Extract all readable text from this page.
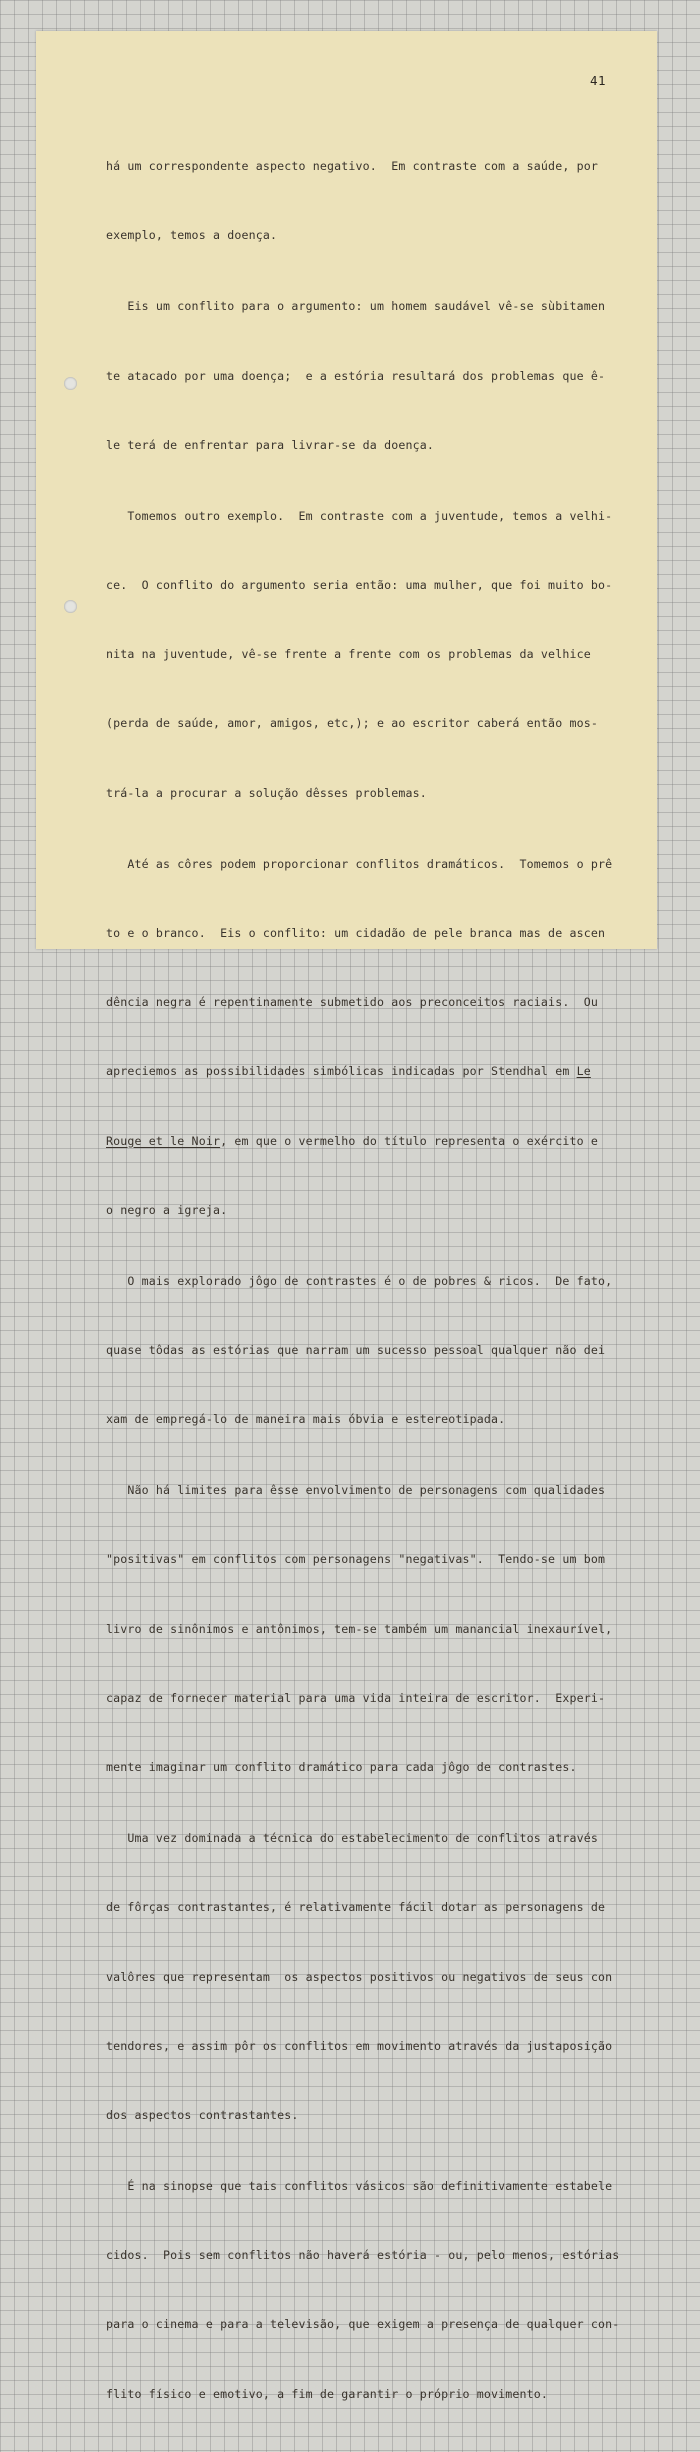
41

há um correspondente aspecto negativo.  Em contraste com a saúde, por

exemplo, temos a doença.

Eis um conflito para o argumento: um homem saudável vê-se sùbitamen

te atacado por uma doença;  e a estória resultará dos problemas que ê-

le terá de enfrentar para livrar-se da doença.

Tomemos outro exemplo.  Em contraste com a juventude, temos a velhi-

ce.  O conflito do argumento seria então: uma mulher, que foi muito bo-

nita na juventude, vê-se frente a frente com os problemas da velhice

(perda de saúde, amor, amigos, etc,); e ao escritor caberá então mos-

trá-la a procurar a solução dêsses problemas.

Até as côres podem proporcionar conflitos dramáticos.  Tomemos o prê

to e o branco.  Eis o conflito: um cidadão de pele branca mas de ascen

dência negra é repentinamente submetido aos preconceitos raciais.  Ou

apreciemos as possibilidades simbólicas indicadas por Stendhal em Le

Rouge et le Noir, em que o vermelho do título representa o exército e

o negro a igreja.

O mais explorado jôgo de contrastes é o de pobres & ricos.  De fato,

quase tôdas as estórias que narram um sucesso pessoal qualquer não dei

xam de empregá-lo de maneira mais óbvia e estereotipada.

Não há limites para êsse envolvimento de personagens com qualidades

"positivas" em conflitos com personagens "negativas".  Tendo-se um bom

livro de sinônimos e antônimos, tem-se também um manancial inexaurível,

capaz de fornecer material para uma vida inteira de escritor.  Experi-

mente imaginar um conflito dramático para cada jôgo de contrastes.

Uma vez dominada a técnica do estabelecimento de conflitos através

de fôrças contrastantes, é relativamente fácil dotar as personagens de

valôres que representam  os aspectos positivos ou negativos de seus con

tendores, e assim pôr os conflitos em movimento através da justaposição

dos aspectos contrastantes.

É na sinopse que tais conflitos vásicos são definitivamente estabele

cidos.  Pois sem conflitos não haverá estória - ou, pelo menos, estórias

para o cinema e para a televisão, que exigem a presença de qualquer con-

flito físico e emotivo, a fim de garantir o próprio movimento.
